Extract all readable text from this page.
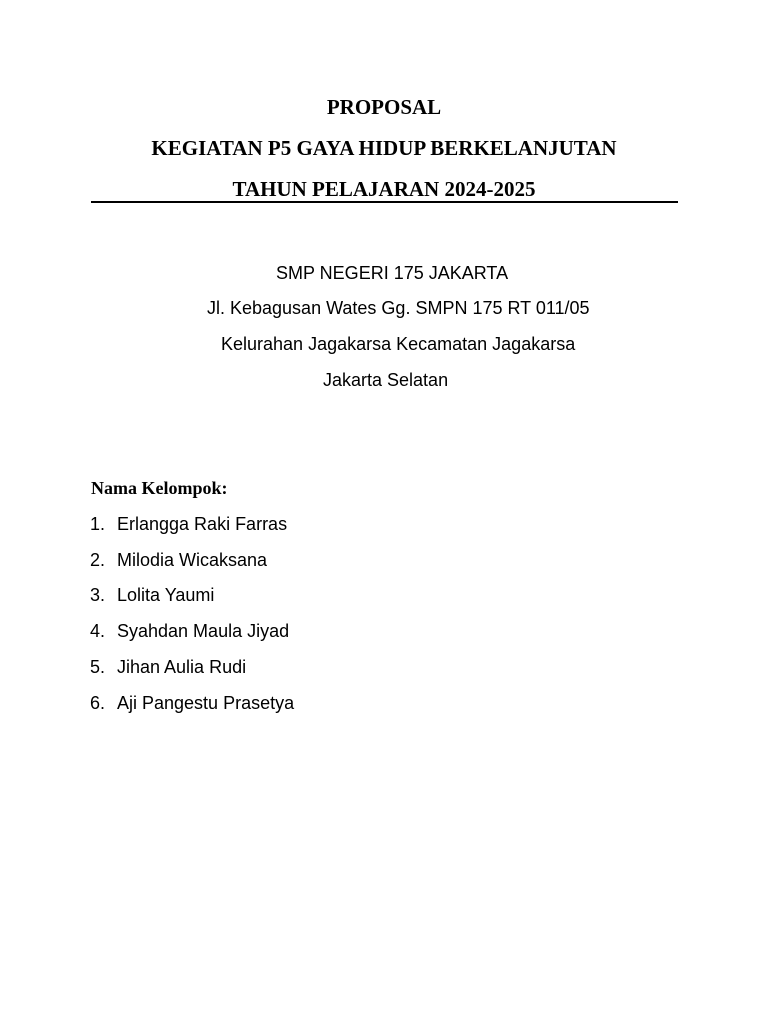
PROPOSAL
KEGIATAN P5 GAYA HIDUP BERKELANJUTAN
TAHUN PELAJARAN 2024-2025

SMP NEGERI 175 JAKARTA

Jl. Kebagusan Wates Gg. SMPN 175 RT 011/05

Kelurahan Jagakarsa Kecamatan Jagakarsa

Jakarta Selatan

Nama Kelompok:

1. Erlangga Raki Farras
2. Milodia Wicaksana
3. Lolita Yaumi
4. Syahdan Maula Jiyad
5. Jihan Aulia Rudi
6. Aji Pangestu Prasetya
